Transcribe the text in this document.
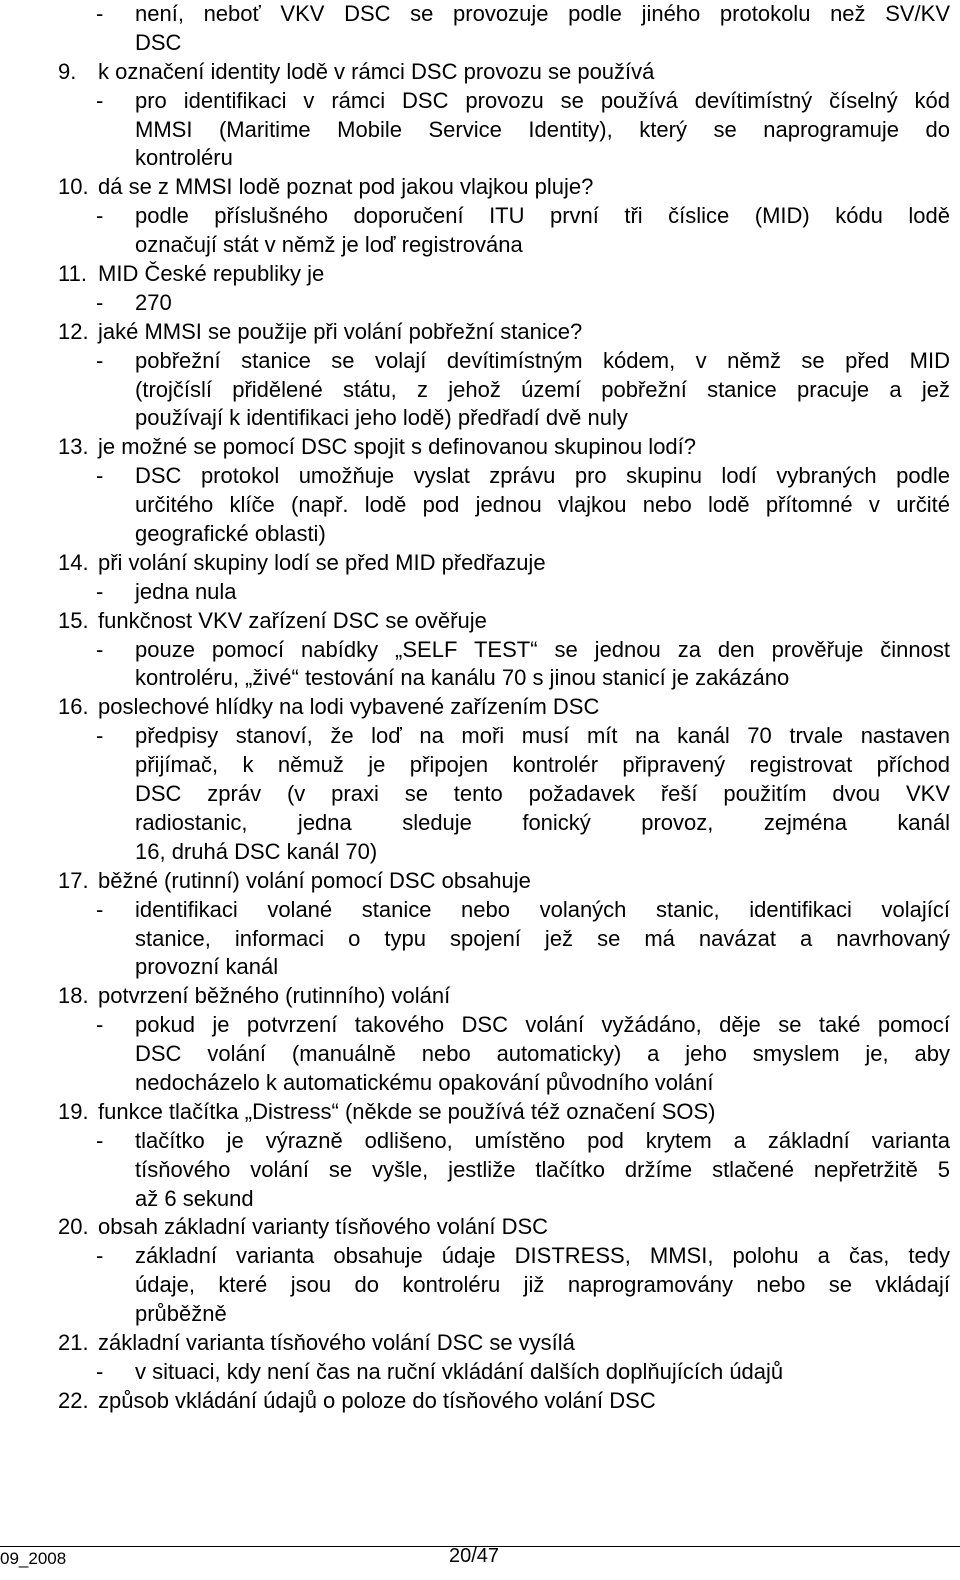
- není, neboť VKV DSC se provozuje podle jiného protokolu než SV/KV
DSC
9. k označení identity lodě v rámci DSC provozu se používá
- pro identifikaci v rámci DSC provozu se používá devítimístný číselný kód
MMSI (Maritime Mobile Service Identity), který se naprogramuje do
kontroléru
10. dá se z MMSI lodě poznat pod jakou vlajkou pluje?
- podle příslušného doporučení ITU první tři číslice (MID) kódu lodě
označují stát v němž je loď registrována
11. MID České republiky je
- 270
12. jaké MMSI se použije při volání pobřežní stanice?
- pobřežní stanice se volají devítimístným kódem, v němž se před MID
(trojčíslí přidělené státu, z jehož území pobřežní stanice pracuje a jež
používají k identifikaci jeho lodě) předřadí dvě nuly
13. je možné se pomocí DSC spojit s definovanou skupinou lodí?
- DSC protokol umožňuje vyslat zprávu pro skupinu lodí vybraných podle
určitého klíče (např. lodě pod jednou vlajkou nebo lodě přítomné v určité
geografické oblasti)
14. při volání skupiny lodí se před MID předřazuje
- jedna nula
15. funkčnost VKV zařízení DSC se ověřuje
- pouze pomocí nabídky „SELF TEST“ se jednou za den prověřuje činnost
kontroléru, „živé“ testování na kanálu 70 s jinou stanicí je zakázáno
16. poslechové hlídky na lodi vybavené zařízením DSC
- předpisy stanoví, že loď na moři musí mít na kanál 70 trvale nastaven
přijímač, k němuž je připojen kontrolér připravený registrovat příchod
DSC zpráv (v praxi se tento požadavek řeší použitím dvou VKV
radiostanic, jedna sleduje fonický provoz, zejména kanál
16, druhá DSC kanál 70)
17. běžné (rutinní) volání pomocí DSC obsahuje
- identifikaci volané stanice nebo volaných stanic, identifikaci volající
stanice, informaci o typu spojení jež se má navázat a navrhovaný
provozní kanál
18. potvrzení běžného (rutinního) volání
- pokud je potvrzení takového DSC volání vyžádáno, děje se také pomocí
DSC volání (manuálně nebo automaticky) a jeho smyslem je, aby
nedocházelo k automatickému opakování původního volání
19. funkce tlačítka „Distress“ (někde se používá též označení SOS)
- tlačítko je výrazně odlišeno, umístěno pod krytem a základní varianta
tísňového volání se vyšle, jestliže tlačítko držíme stlačené nepřetržitě 5
až 6 sekund
20. obsah základní varianty tísňového volání DSC
- základní varianta obsahuje údaje DISTRESS, MMSI, polohu a čas, tedy
údaje, které jsou do kontroléru již naprogramovány nebo se vkládají
průběžně
21. základní varianta tísňového volání DSC se vysílá
- v situaci, kdy není čas na ruční vkládání dalších doplňujících údajů
22. způsob vkládání údajů o poloze do tísňového volání DSC
09_2008	20/47
